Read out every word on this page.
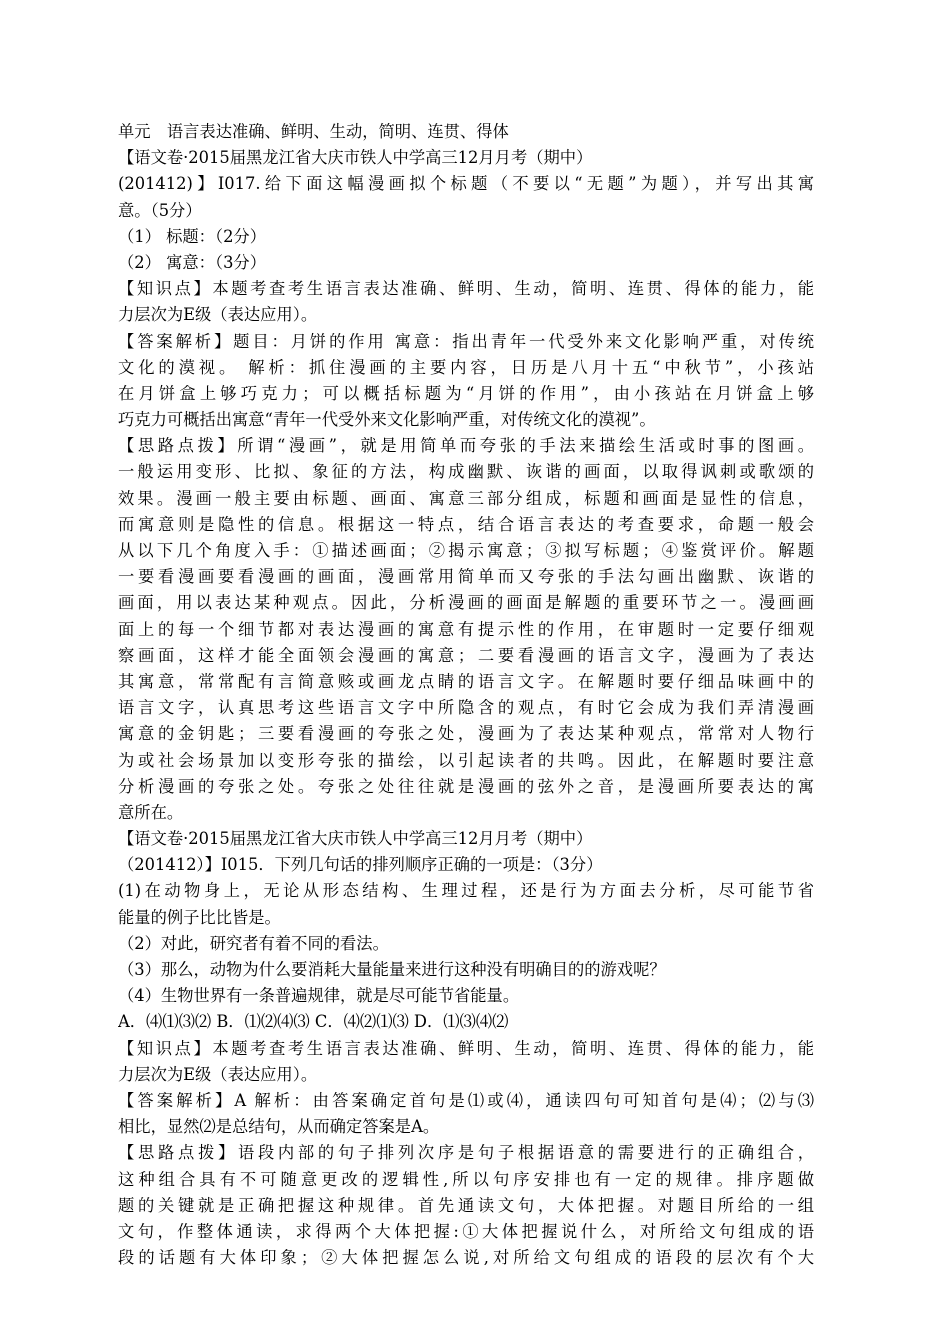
单元　语言表达准确、鲜明、生动，简明、连贯、得体
【语文卷·2015届黑龙江省大庆市铁人中学高三12月月考（期中）
(201412)】I017.给下面这幅漫画拟个标题（不要以“无题”为题），并写出其寓
意。（5分）
（1） 标题：（2分）
（2） 寓意：（3分）
【知识点】本题考查考生语言表达准确、鲜明、生动，简明、连贯、得体的能力，能
力层次为E级（表达应用）。
【答案解析】题目：月饼的作用 寓意：指出青年一代受外来文化影响严重，对传统
文化的漠视。 解析：抓住漫画的主要内容，日历是八月十五“中秋节”，小孩站
在月饼盒上够巧克力；可以概括标题为“月饼的作用”，由小孩站在月饼盒上够
巧克力可概括出寓意“青年一代受外来文化影响严重，对传统文化的漠视”。
【思路点拨】所谓“漫画”，就是用简单而夸张的手法来描绘生活或时事的图画。
一般运用变形、比拟、象征的方法，构成幽默、诙谐的画面，以取得讽刺或歌颂的
效果。漫画一般主要由标题、画面、寓意三部分组成，标题和画面是显性的信息，
而寓意则是隐性的信息。根据这一特点，结合语言表达的考查要求，命题一般会
从以下几个角度入手：①描述画面；②揭示寓意；③拟写标题；④鉴赏评价。解题
一要看漫画要看漫画的画面，漫画常用简单而又夸张的手法勾画出幽默、诙谐的
画面，用以表达某种观点。因此，分析漫画的画面是解题的重要环节之一。漫画画
面上的每一个细节都对表达漫画的寓意有提示性的作用，在审题时一定要仔细观
察画面，这样才能全面领会漫画的寓意；二要看漫画的语言文字，漫画为了表达
其寓意，常常配有言简意赅或画龙点睛的语言文字。在解题时要仔细品味画中的
语言文字，认真思考这些语言文字中所隐含的观点，有时它会成为我们弄清漫画
寓意的金钥匙；三要看漫画的夸张之处，漫画为了表达某种观点，常常对人物行
为或社会场景加以变形夸张的描绘，以引起读者的共鸣。因此，在解题时要注意
分析漫画的夸张之处。夸张之处往往就是漫画的弦外之音，是漫画所要表达的寓
意所在。
【语文卷·2015届黑龙江省大庆市铁人中学高三12月月考（期中）
（201412）】I015．下列几句话的排列顺序正确的一项是：（3分）
(1)在动物身上，无论从形态结构、生理过程，还是行为方面去分析，尽可能节省
能量的例子比比皆是。
（2）对此，研究者有着不同的看法。
（3）那么，动物为什么要消耗大量能量来进行这种没有明确目的的游戏呢？
（4）生物世界有一条普遍规律，就是尽可能节省能量。
A．⑷⑴⑶⑵ B．⑴⑵⑷⑶ C．⑷⑵⑴⑶ D．⑴⑶⑷⑵
【知识点】本题考查考生语言表达准确、鲜明、生动，简明、连贯、得体的能力，能
力层次为E级（表达应用）。
【答案解析】A 解析：由答案确定首句是⑴或⑷，通读四句可知首句是⑷；⑵与⑶
相比，显然⑵是总结句，从而确定答案是A。
【思路点拨】语段内部的句子排列次序是句子根据语意的需要进行的正确组合，
这种组合具有不可随意更改的逻辑性,所以句序安排也有一定的规律。排序题做
题的关键就是正确把握这种规律。首先通读文句，大体把握。对题目所给的一组
文句，作整体通读，求得两个大体把握:①大体把握说什么，对所给文句组成的语
段的话题有大体印象；②大体把握怎么说,对所给文句组成的语段的层次有个大
